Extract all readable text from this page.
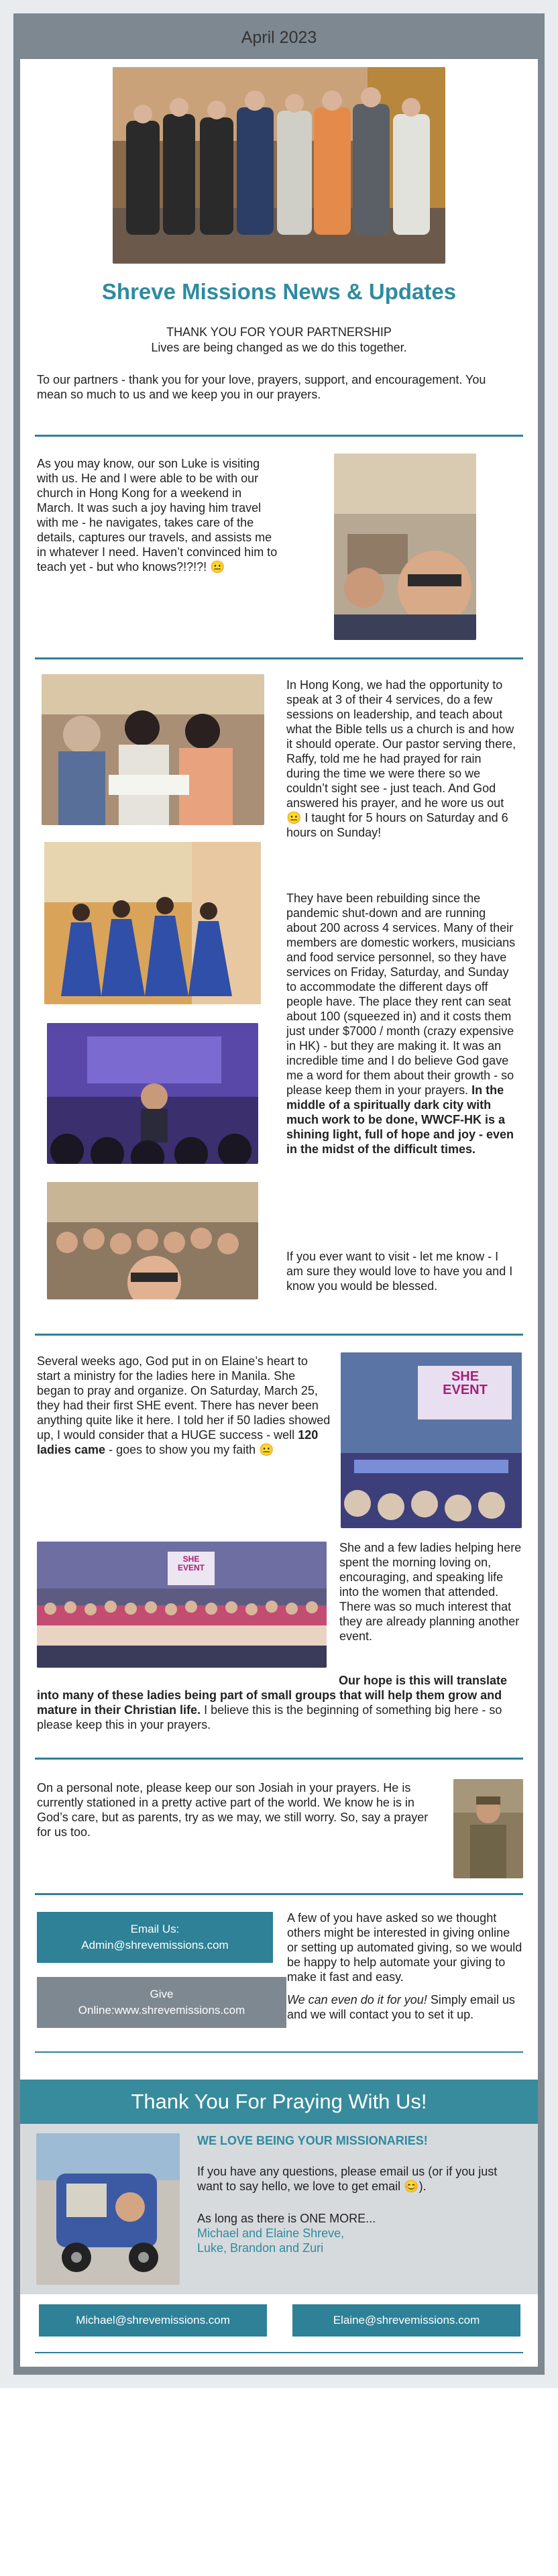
April 2023
Shreve Missions News & Updates
THANK YOU FOR YOUR PARTNERSHIP
Lives are being changed as we do this together.
To our partners - thank you for your love, prayers, support, and encouragement. You mean so much to us and we keep you in our prayers.
As you may know, our son Luke is visiting with us. He and I were able to be with our church in Hong Kong for a weekend in March. It was such a joy having him travel with me - he navigates, takes care of the details, captures our travels, and assists me in whatever I need. Haven’t convinced him to teach yet - but who knows?!?!?! 😐
In Hong Kong, we had the opportunity to speak at 3 of their 4 services, do a few sessions on leadership, and teach about what the Bible tells us a church is and how it should operate. Our pastor serving there, Raffy, told me he had prayed for rain during the time we were there so we couldn’t sight see - just teach. And God answered his prayer, and he wore us out 😐 I taught for 5 hours on Saturday and 6 hours on Sunday!
They have been rebuilding since the pandemic shut-down and are running about 200 across 4 services. Many of their members are domestic workers, musicians and food service personnel, so they have services on Friday, Saturday, and Sunday to accommodate the different days off people have. The place they rent can seat about 100 (squeezed in) and it costs them just under $7000 / month (crazy expensive in HK) - but they are making it. It was an incredible time and I do believe God gave me a word for them about their growth - so please keep them in your prayers. In the middle of a spiritually dark city with much work to be done, WWCF-HK is a shining light, full of hope and joy - even in the midst of the difficult times.
If you ever want to visit - let me know - I am sure they would love to have you and I know you would be blessed.
Several weeks ago, God put in on Elaine’s heart to start a ministry for the ladies here in Manila. She began to pray and organize. On Saturday, March 25, they had their first SHE event. There has never been anything quite like it here. I told her if 50 ladies showed up, I would consider that a HUGE success - well 120 ladies came - goes to show you my faith 😐
SHE
EVENT
SHE
EVENT
She and a few ladies helping here spent the morning loving on, encouraging, and speaking life into the women that attended. There was so much interest that they are already planning another event.
Our hope is this will translate into many of these ladies being part of small groups that will help them grow and mature in their Christian life. I believe this is the beginning of something big here - so please keep this in your prayers.
On a personal note, please keep our son Josiah in your prayers. He is currently stationed in a pretty active part of the world. We know he is in God’s care, but as parents, try as we may, we still worry. So, say a prayer for us too.
Email Us:
Admin@shrevemissions.com
Give
Online:www.shrevemissions.com
A few of you have asked so we thought others might be interested in giving online or setting up automated giving, so we would be happy to help automate your giving to make it fast and easy.
We can even do it for you! Simply email us and we will contact you to set it up.
Thank You For Praying With Us!
WE LOVE BEING YOUR MISSIONARIES!
If you have any questions, please email us (or if you just want to say hello, we love to get email 😊).
As long as there is ONE MORE...
Michael and Elaine Shreve,
Luke, Brandon and Zuri
Michael@shrevemissions.com	Elaine@shrevemissions.com
